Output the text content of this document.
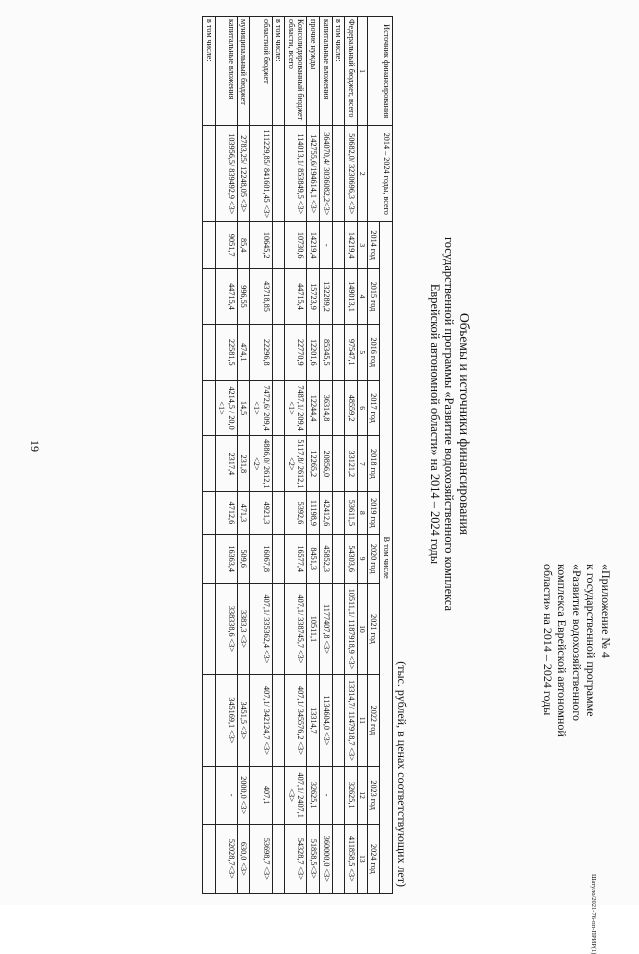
19
«Приложение № 4
к государственной программе
«Развитие водохозяйственного
комплекса Еврейской автономной
области» на 2014 – 2024 годы
Объемы и источники финансирования
государственной программы «Развитие водохозяйственного комплекса
Еврейской автономной области» на 2014 – 2024 годы
(тыс. рублей, в ценах соответствующих лет)
Источник финансирования	2014 – 2024 годы, всего	В том числе										
		2014 год	2015 год	2016 год	2017 год	2018 год	2019 год	2020 год	2021 год	2022 год	2023 год	2024 год
1	2	3	4	5	6	7	8	9	10	11	12	13
Федеральный бюджет, всего	50682,0/ 3230696,3 <3>	14219,4	149013,1	97547,1	48559,2	33121,2	53611,5	54303,6	10511,1/ 1187918,9 <3>	13314,7/ 1147918,7 <3>	32625,1	411858,5 <3>
в том числе:												
капитальные вложения	364070,4/ 3036082,2<3>	-	132289,2	85345,5	36314,8	20856,0	42412,6	45852,3	1177407,8 <3>	1134604,0 <3>	-	360000,0 <3>
прочие нужды	142755,6/194614,1 <3>	14219,4	15723,9	12201,6	12244,4	12265,2	11198,9	8451,3	10511,1	13314,7	32625,1	51858,5<3>
Консолидированный бюджет области, всего	114013,1/ 853849,5 <3>	10730,6	44715,4	22770,9	7487,1/ 209,4 <1>	5117,8/ 2612,1 <2>	5392,6	16577,4	407,1/ 338745,7 <3>	407,1/ 345576,2 <3>	407,1/ 2407,1 <3>	54328,7 <3>
в том числе:												
областной бюджет	111229,85/ 841601,45 <3>	10645,2	43718,85	22296,8	7472,6/ 209,4 <1>	4886,0/ 2612,1 <2>	4921,3	16067,8	407,1/ 335362,4 <3>	407,1/ 342124,7 <3>	407,1	53698,7 <3>
муниципальный бюджет	2783,25/ 12248,05 <3>	85,4	996,55	474,1	14,5	231,8	471,3	509,6	3383,3 <3>	3451,5 <3>	2000,0 <3>	630,0 <3>
капитальные вложения	103956,5/ 839492,9 <3>	9051,7	44715,4	22581,5	4214,5 / 20,0 <1>	2317,4	4712,6	16363,4	338338,6 <3>	345169,1 <3>	-	52028,7<3>
в том числе:												
Шатуло/2021-76-пп-ПРИР(1)
